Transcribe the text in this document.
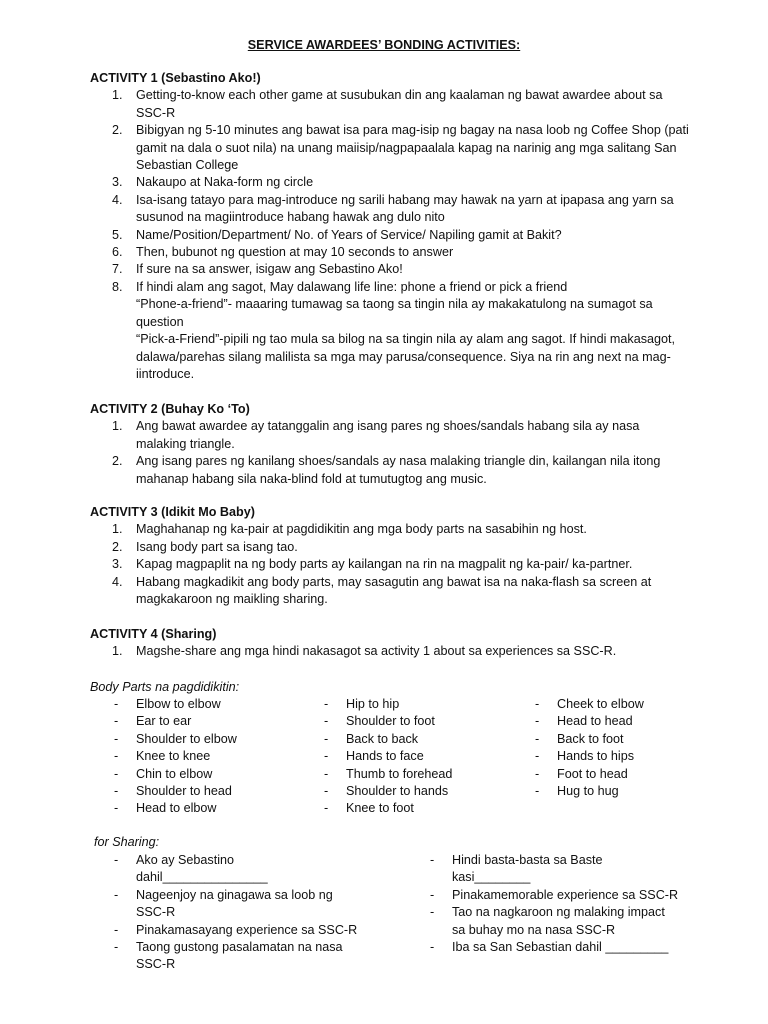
SERVICE AWARDEES’ BONDING ACTIVITIES:
ACTIVITY 1 (Sebastino Ako!)
1. Getting-to-know each other game at susubukan din ang kaalaman ng bawat awardee about sa SSC-R
2. Bibigyan ng 5-10 minutes ang bawat isa para mag-isip ng bagay na nasa loob ng Coffee Shop (pati gamit na dala o suot nila) na unang maiisip/nagpapaalala kapag na narinig ang mga salitang San Sebastian College
3. Nakaupo at Naka-form ng circle
4. Isa-isang tatayo para mag-introduce ng sarili habang may hawak na yarn at ipapasa ang yarn sa susunod na magiintroduce habang hawak ang dulo nito
5. Name/Position/Department/ No. of Years of Service/ Napiling gamit at Bakit?
6. Then, bubunot ng question at may 10 seconds to answer
7. If sure na sa answer, isigaw ang Sebastino Ako!
8. If hindi alam ang sagot, May dalawang life line: phone a friend or pick a friend
“Phone-a-friend”- maaaring tumawag sa taong sa tingin nila ay makakatulong na sumagot sa question
“Pick-a-Friend”-pipili ng tao mula sa bilog na sa tingin nila ay alam ang sagot. If hindi makasagot, dalawa/parehas silang malilista sa mga may parusa/consequence. Siya na rin ang next na mag-iintroduce.
ACTIVITY 2 (Buhay Ko ‘To)
1. Ang bawat awardee ay tatanggalin ang isang pares ng shoes/sandals habang sila ay nasa malaking triangle.
2. Ang isang pares ng kanilang shoes/sandals ay nasa malaking triangle din, kailangan nila itong mahanap habang sila naka-blind fold at tumutugtog ang music.
ACTIVITY 3 (Idikit Mo Baby)
1. Maghahanap ng ka-pair at pagdidikitin ang mga body parts na sasabihin ng host.
2. Isang body part sa isang tao.
3. Kapag magpaplit na ng body parts ay kailangan na rin na magpalit ng ka-pair/ ka-partner.
4. Habang magkadikit ang body parts, may sasagutin ang bawat isa na naka-flash sa screen at magkakaroon ng maikling sharing.
ACTIVITY 4 (Sharing)
1. Magshe-share ang mga hindi nakasagot sa activity 1 about sa experiences sa SSC-R.
Body Parts na pagdidikitin:
- Elbow to elbow
- Ear to ear
- Shoulder to elbow
- Knee to knee
- Chin to elbow
- Shoulder to head
- Head to elbow
- Hip to hip
- Shoulder to foot
- Back to back
- Hands to face
- Thumb to forehead
- Shoulder to hands
- Knee to foot
- Cheek to elbow
- Head to head
- Back to foot
- Hands to hips
- Foot to head
- Hug to hug
for Sharing:
- Ako ay Sebastino dahil_______________
- Nageenjoy na ginagawa sa loob ng SSC-R
- Pinakamasayang experience sa SSC-R
- Taong gustong pasalamatan na nasa SSC-R
- Hindi basta-basta sa Baste kasi________
- Pinakamemorable experience sa SSC-R
- Tao na nagkaroon ng malaking impact sa buhay mo na nasa SSC-R
- Iba sa San Sebastian dahil _________
